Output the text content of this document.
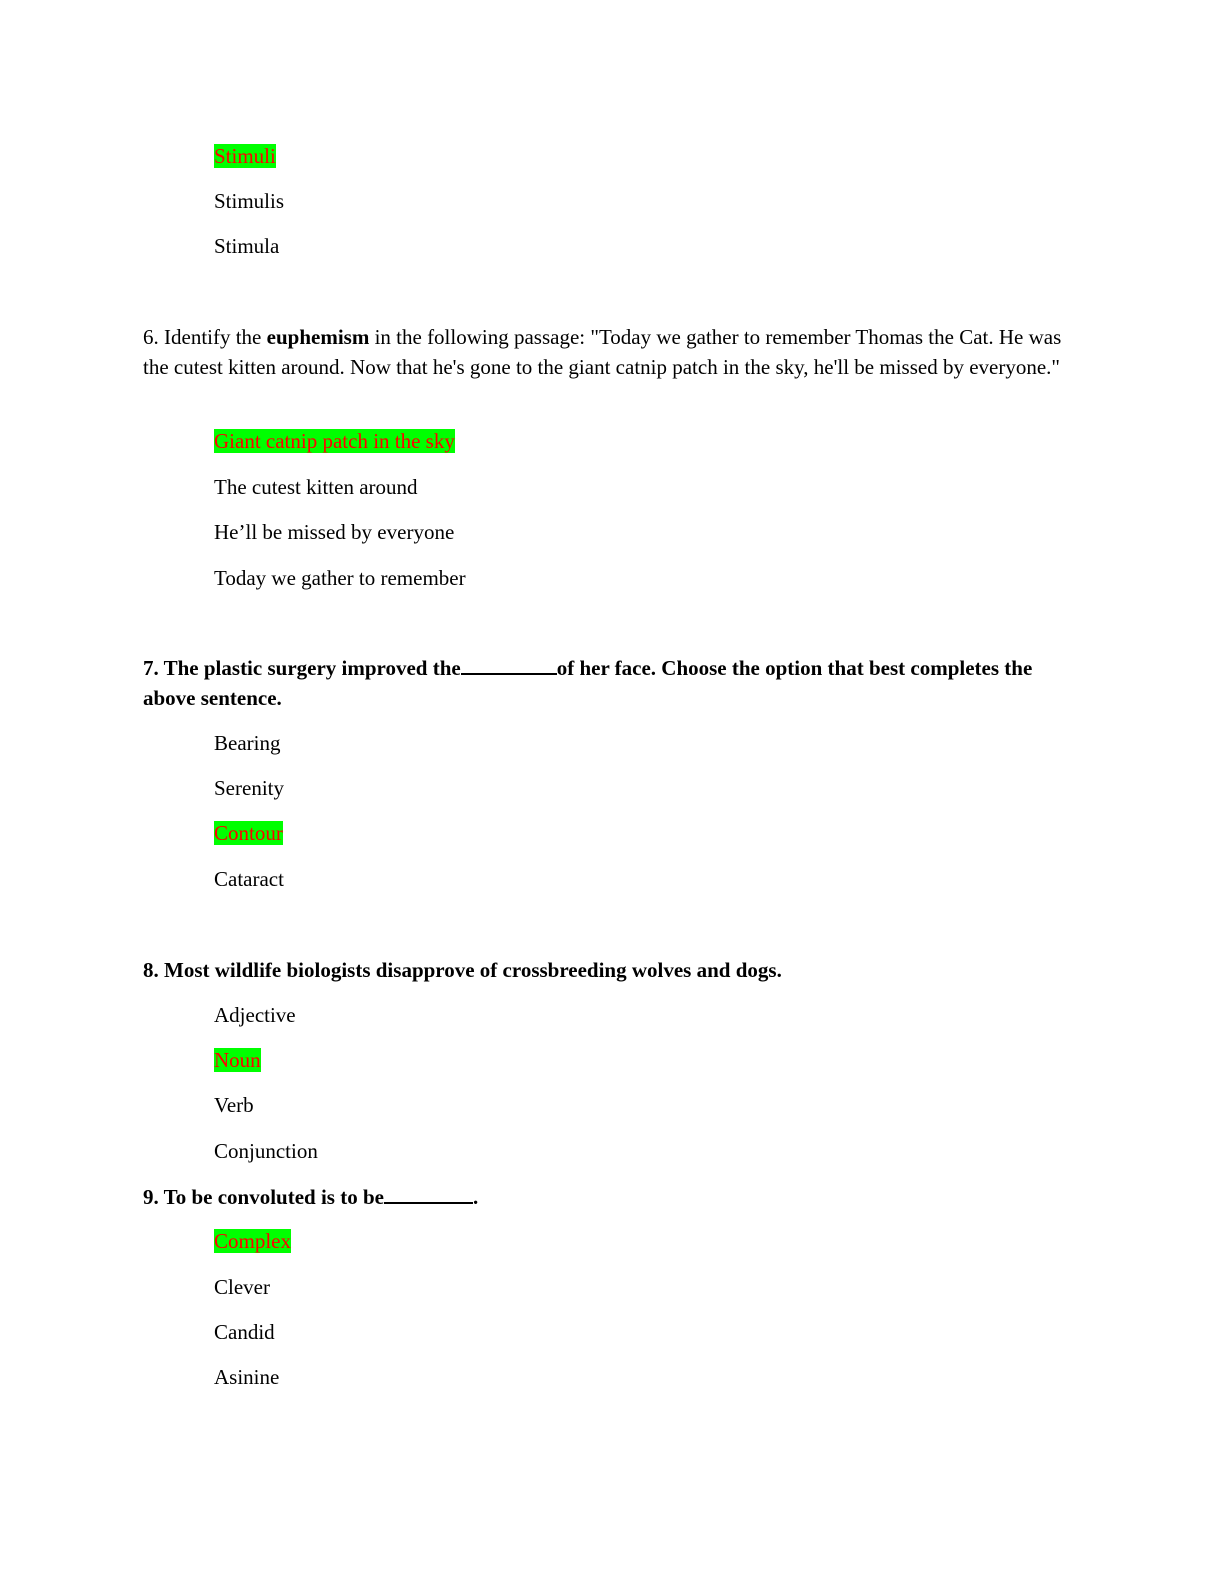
Stimuli
Stimulis
Stimula
6. Identify the euphemism in the following passage: "Today we gather to remember Thomas the Cat. He was the cutest kitten around. Now that he's gone to the giant catnip patch in the sky, he'll be missed by everyone."
Giant catnip patch in the sky
The cutest kitten around
He’ll be missed by everyone
Today we gather to remember
7. The plastic surgery improved the	of her face. Choose the option that best completes the above sentence.
Bearing
Serenity
Contour
Cataract
8. Most wildlife biologists disapprove of crossbreeding wolves and dogs.
Adjective
Noun
Verb
Conjunction
9. To be convoluted is to be	.
Complex
Clever
Candid
Asinine
